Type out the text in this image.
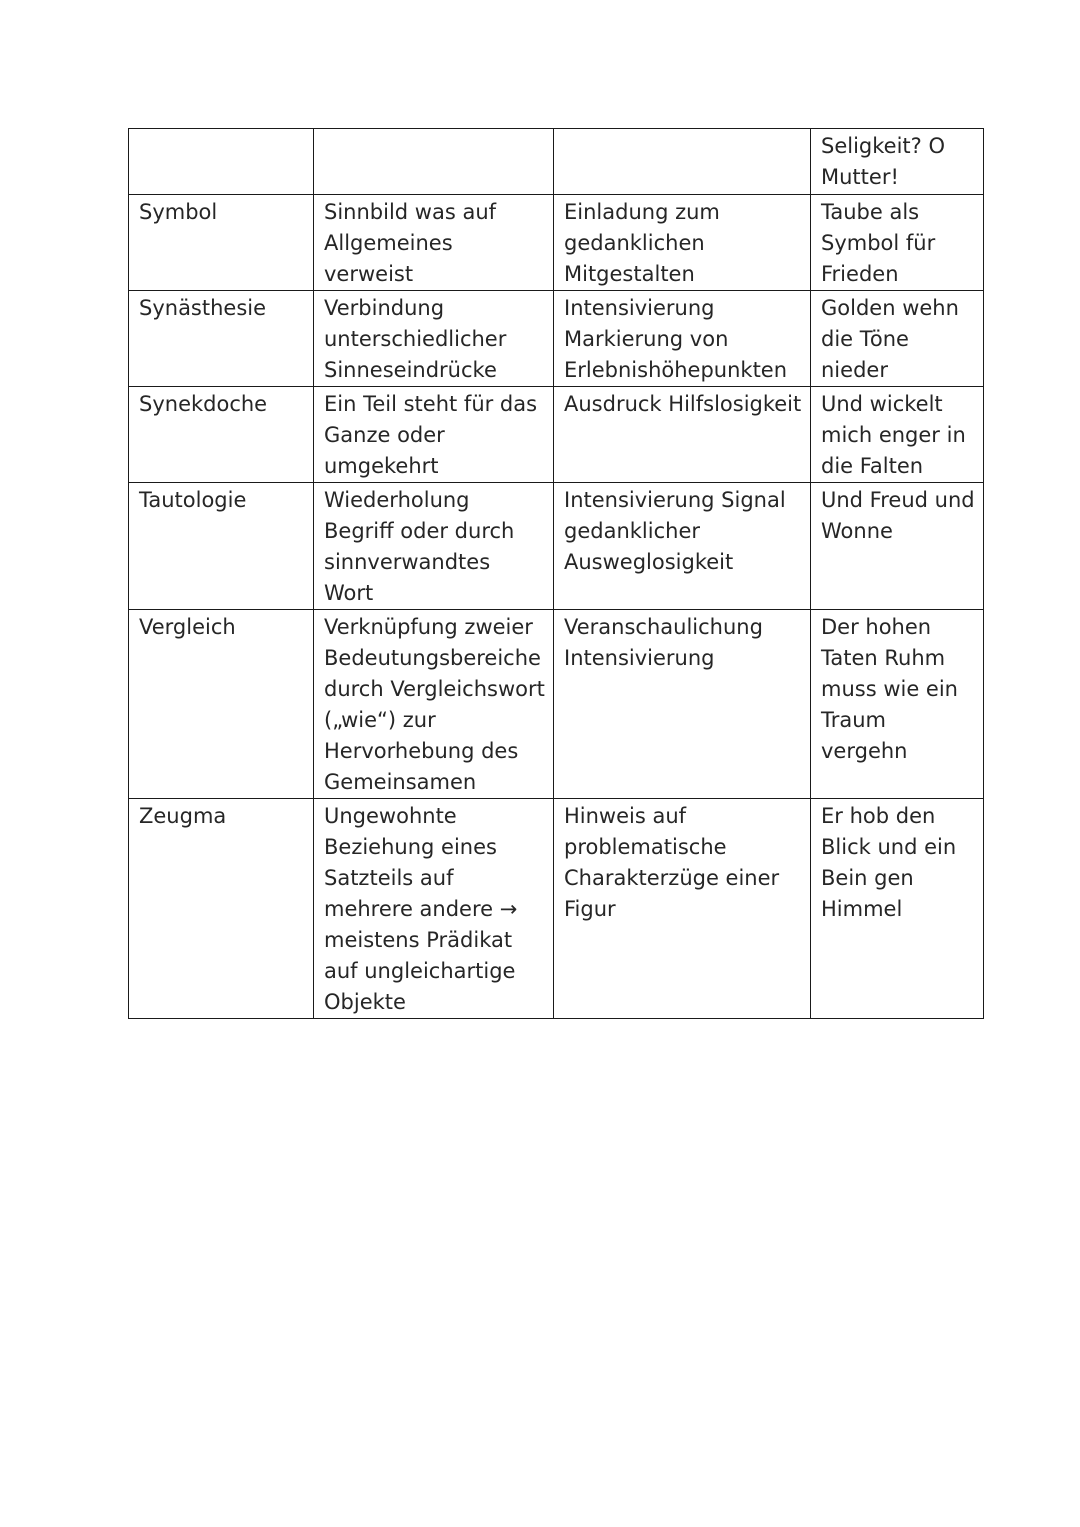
			Seligkeit? O Mutter!
Symbol	Sinnbild was auf Allgemeines verweist	Einladung zum gedanklichen Mitgestalten	Taube als Symbol für Frieden
Synästhesie	Verbindung unterschiedlicher Sinneseindrücke	Intensivierung Markierung von Erlebnishöhepunkten	Golden wehn die Töne nieder
Synekdoche	Ein Teil steht für das Ganze oder umgekehrt	Ausdruck Hilfslosigkeit	Und wickelt mich enger in die Falten
Tautologie	Wiederholung Begriff oder durch sinnverwandtes Wort	Intensivierung Signal gedanklicher Ausweglosigkeit	Und Freud und Wonne
Vergleich	Verknüpfung zweier Bedeutungsbereiche durch Vergleichswort („wie“) zur Hervorhebung des Gemeinsamen	Veranschaulichung Intensivierung	Der hohen Taten Ruhm muss wie ein Traum vergehn
Zeugma	Ungewohnte Beziehung eines Satzteils auf mehrere andere → meistens Prädikat auf ungleichartige Objekte	Hinweis auf problematische Charakterzüge einer Figur	Er hob den Blick und ein Bein gen Himmel
